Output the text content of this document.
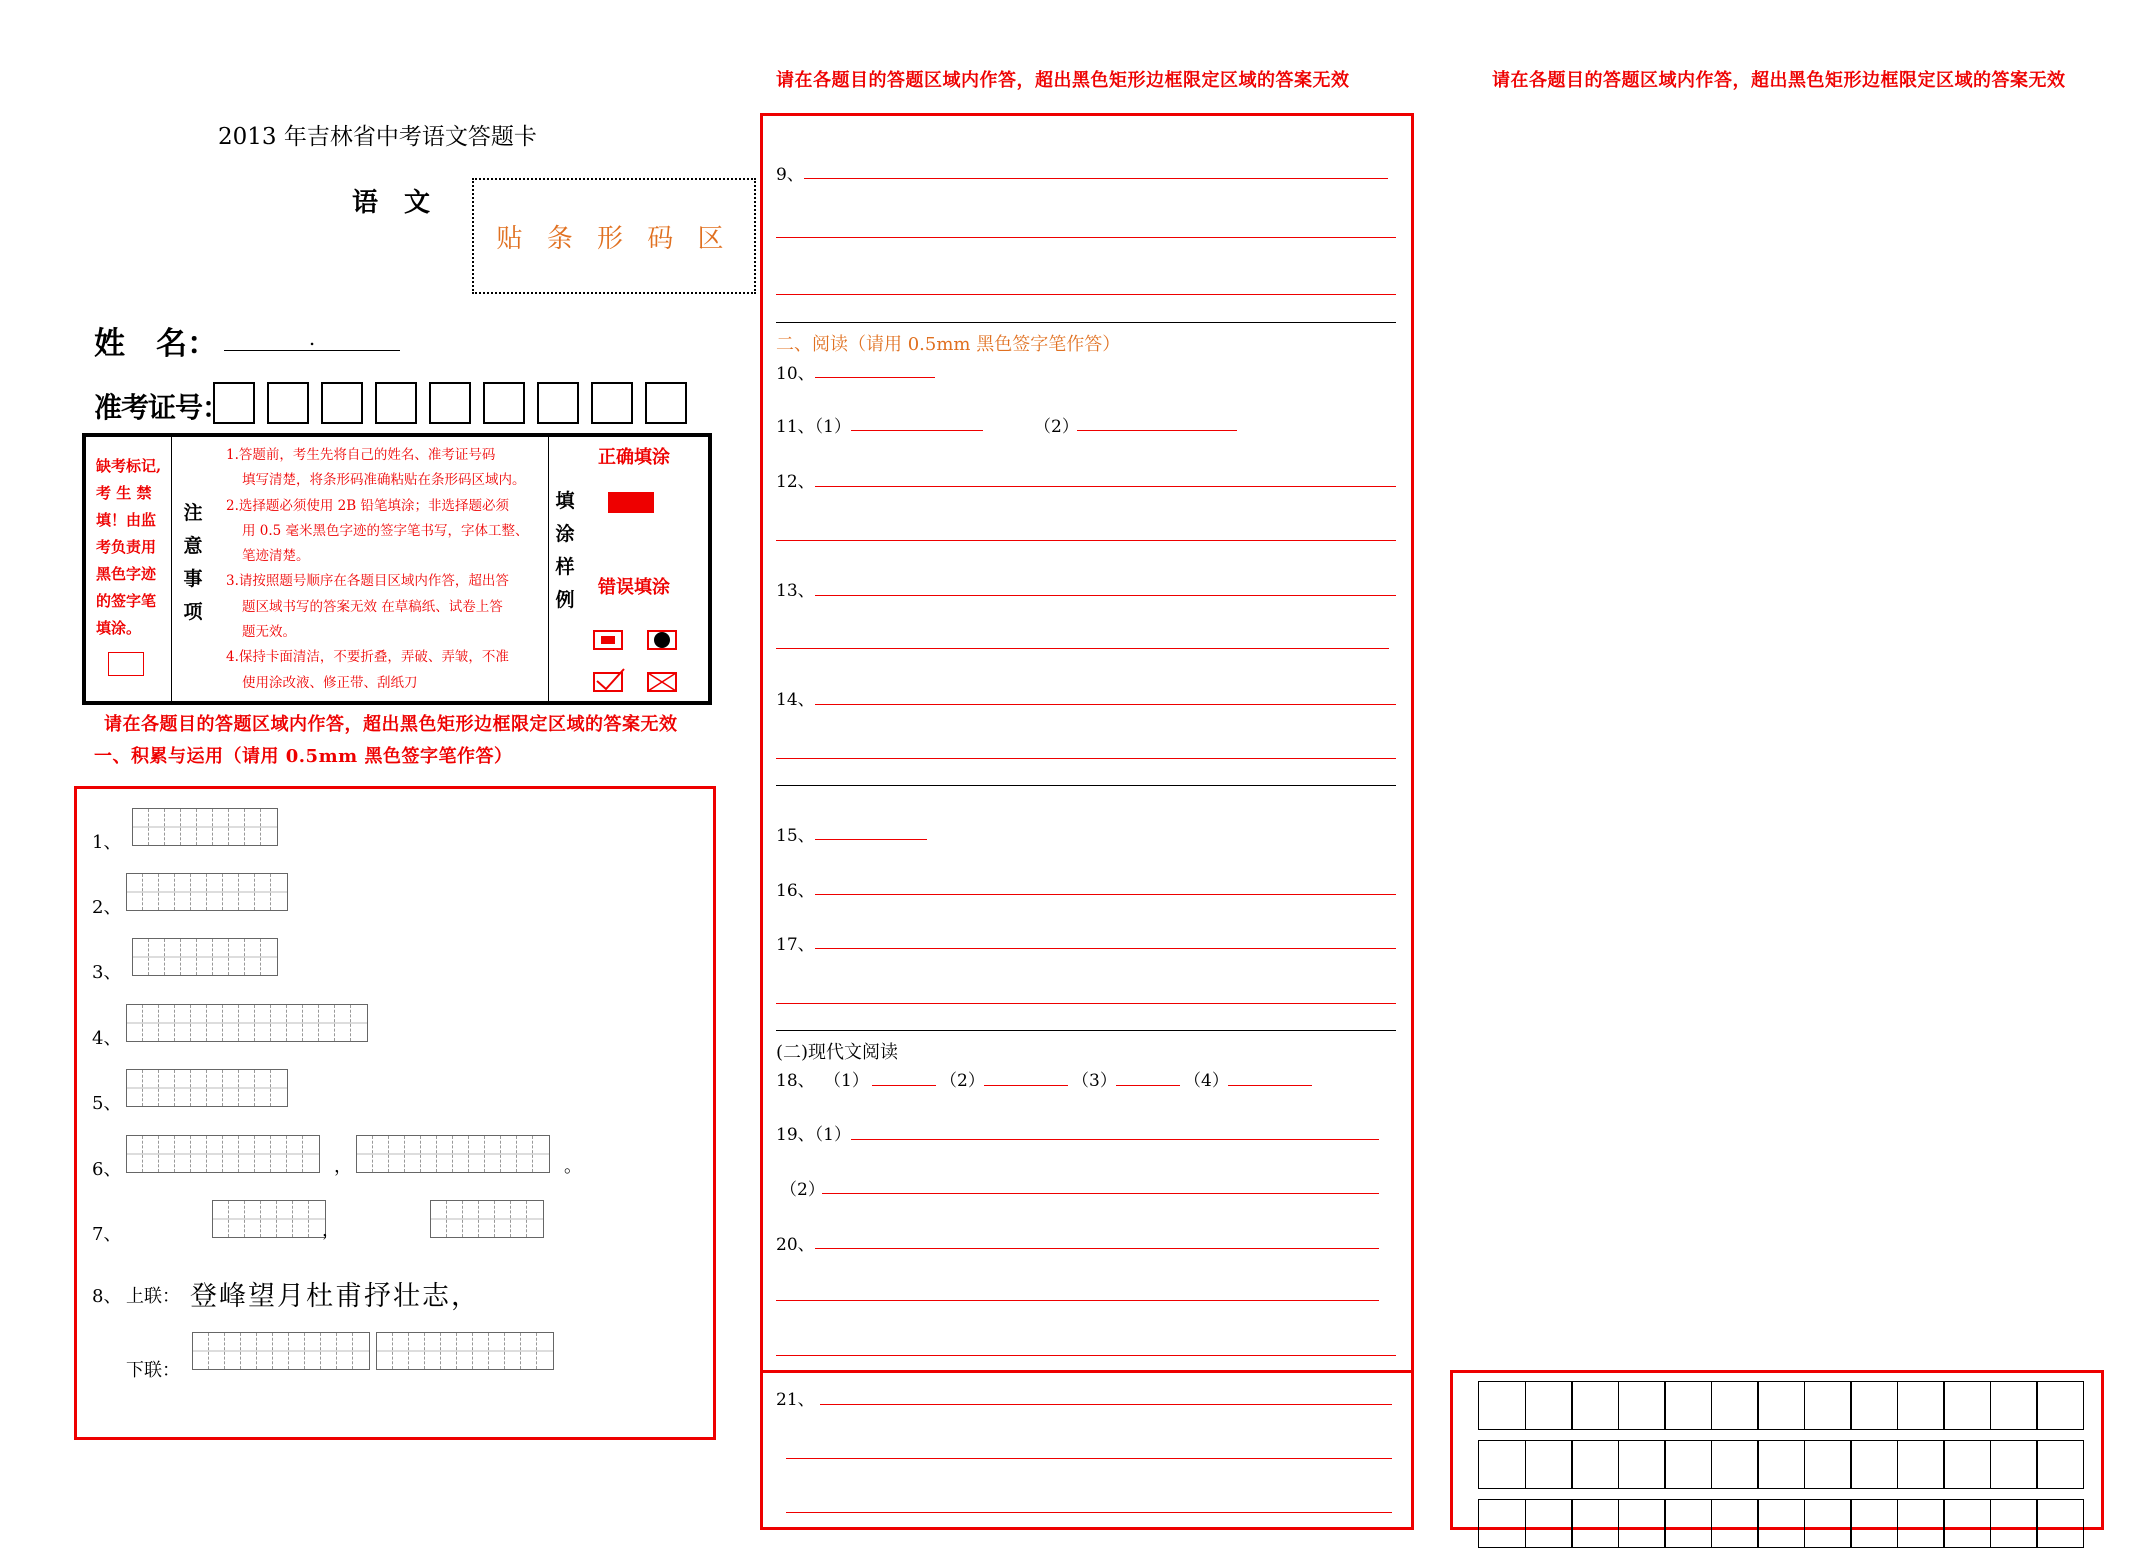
2013 年吉林省中考语文答题卡
语　文
贴 条 形 码 区
姓　名：	.
准考证号：
缺考标记,
考 生 禁
填！由监
考负责用
黑色字迹
的签字笔
填涂。
注
意
事
项
1.答题前，考生先将自己的姓名、准考证号码
填写清楚，将条形码准确粘贴在条形码区域内。
2.选择题必须使用 2B 铅笔填涂；非选择题必须
用 0.5 毫米黑色字迹的签字笔书写，字体工整、
笔迹清楚。
3.请按照题号顺序在各题目区域内作答，超出答
题区域书写的答案无效 在草稿纸、试卷上答
题无效。
4.保持卡面清洁，不要折叠，弄破、弄皱，不准
使用涂改液、修正带、刮纸刀
填
涂
样
例
正确填涂
错误填涂
请在各题目的答题区域内作答，超出黑色矩形边框限定区域的答案无效
一、积累与运用（请用 0.5mm 黑色签字笔作答）
1、
2、
3、
4、
5、
6、	，	。
7、	，
8、 上联： 登峰望月杜甫抒壮志，
下联：
请在各题目的答题区域内作答，超出黑色矩形边框限定区域的答案无效
9、
二、阅读（请用 0.5mm 黑色签字笔作答）
10、
11、（1）	（2）
12、
13、
14、
15、
16、
17、
(二)现代文阅读
18、 （1）	（2）	（3）	（4）
19、（1）
（2）
20、
21、
请在各题目的答题区域内作答，超出黑色矩形边框限定区域的答案无效
